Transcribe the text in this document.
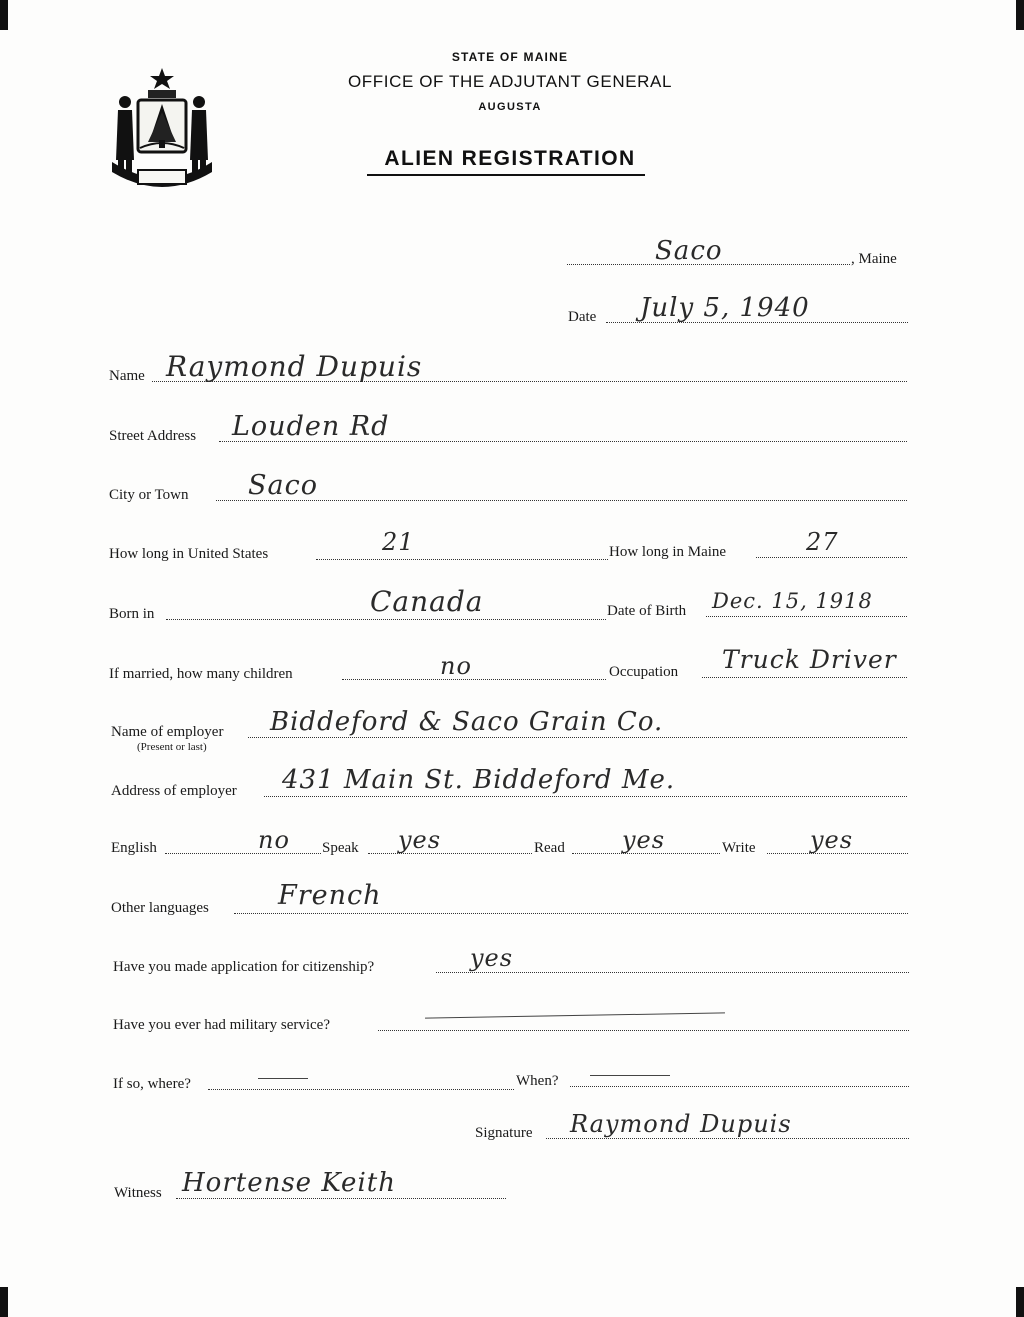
STATE OF MAINE
OFFICE OF THE ADJUTANT GENERAL
AUGUSTA
ALIEN REGISTRATION
Saco	, Maine
Date July 5, 1940
Name Raymond Dupuis
Street Address Louden Rd
City or Town Saco
How long in United States	21	How long in Maine	27
Born in	Canada	Date of Birth Dec. 15, 1918
If married, how many children	no	Occupation Truck Driver
Name of employer
(Present or last)
Biddeford & Saco Grain Co.
Address of employer 431 Main St. Biddeford Me.
English	no Speak yes	Read yes	Write yes
Other languages	French
Have you made application for citizenship?	yes
Have you ever had military service?
If so, where?	When?
Signature Raymond Dupuis
Witness Hortense Keith
